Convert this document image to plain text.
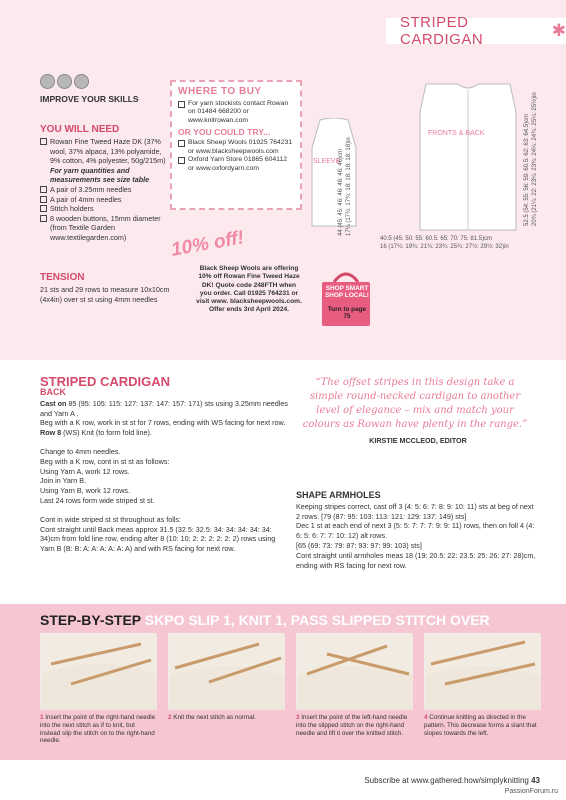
STRIPED CARDIGAN	✱
IMPROVE YOUR SKILLS
YOU WILL NEED
Rowan Fine Tweed Haze DK (37% wool, 37% alpaca, 13% polyamide, 9% cotton, 4% polyester, 50g/215m)
For yarn quantities and measurements see size table
A pair of 3.25mm needles
A pair of 4mm needles
Stitch holders
8 wooden buttons, 15mm diameter (from Textile Garden www.textilegarden.com)
TENSION
21 sts and 29 rows to measure 10x10cm (4x4in) over st st using 4mm needles
WHERE TO BUY
For yarn stockists contact Rowan on 01484 668200 or www.knitrowan.com
OR YOU COULD TRY...
Black Sheep Wools 01925 764231 or www.blacksheepwools.com
Oxford Yarn Store 01865 604112 or www.oxfordyarn.com
10% off!
Black Sheep Wools are offering 10% off Rowan Fine Tweed Haze DK! Quote code 248FTH when you order. Call 01925 764231 or visit www. blacksheepwools.com. Offer ends 3rd April 2024.
SHOP SMART SHOP LOCAL!
Turn to page 75
SLEEVE
44 (45: 45: 46: 46: 46: 46: 46)cm 17¼ (17¾: 17¾: 18: 18: 18: 18: 18)in
FRONTS & BACK
40.5 (45: 50: 55: 60.5: 65: 70: 75: 81.5)cm
16 (17¾: 19¾: 21¾: 23¾: 25¾: 27½: 29½: 32)in
52.5 (54: 55: 56: 59: 60.5: 62: 63: 64.5)cm 20¾ (21¼: 22: 23¼: 23¾: 24¼: 24¾: 25¼: 25½)in
STRIPED CARDIGAN
BACK
Cast on 85 (95: 105: 115: 127: 137: 147: 157: 171) sts using 3.25mm needles and Yarn A .
Beg with a K row, work in st st for 7 rows, ending with WS facing for next row.
Row 8 (WS) Knit (to form fold line).
Change to 4mm needles.
Beg with a K row, cont in st st as follows:
Using Yarn A, work 12 rows.
Join in Yarn B.
Using Yarn B, work 12 rows.
Last 24 rows form wide striped st st.
Cont in wide striped st st throughout as folls:
Cont straight until Back meas approx 31.5 (32.5: 32.5: 34: 34: 34: 34: 34: 34)cm from fold line row, ending after 8 (10: 10: 2: 2: 2: 2: 2: 2) rows using Yarn B (B: B: A: A: A: A: A: A) and with RS facing for next row.
“The offset stripes in this design take a simple round-necked cardigan to another level of elegance – mix and match your colours as Rowan have plenty in the range.”
KIRSTIE MCCLEOD, EDITOR
SHAPE ARMHOLES
Keeping stripes correct, cast off 3 (4: 5: 6: 7: 8: 9: 10: 11) sts at beg of next 2 rows. [79 (87: 95: 103: 113: 121: 129: 137: 149) sts]
Dec 1 st at each end of next 3 (5: 5: 7: 7: 7: 9: 9: 11) rows, then on foll 4 (4: 6: 5: 6: 7: 7: 10: 12) alt rows.
[65 (69: 73: 79: 87: 93: 97: 99: 103) sts]
Cont straight until armholes meas 18 (19: 20.5: 22: 23.5: 25: 26: 27: 28)cm, ending with RS facing for next row.
STEP-BY-STEP SKPO SLIP 1, KNIT 1, PASS SLIPPED STITCH OVER
1 Insert the point of the right-hand needle into the next stitch as if to knit, but instead slip the stitch on to the right-hand needle.
2 Knit the next stitch as normal.	3 Insert the point of the left-hand needle into the slipped stitch on the right-hand needle and lift it over the knitted stitch.
4 Continue knitting as directed in the pattern. This decrease forms a slant that slopes towards the left.
Subscribe at www.gathered.how/simplyknitting 43
PassionForum.ru
